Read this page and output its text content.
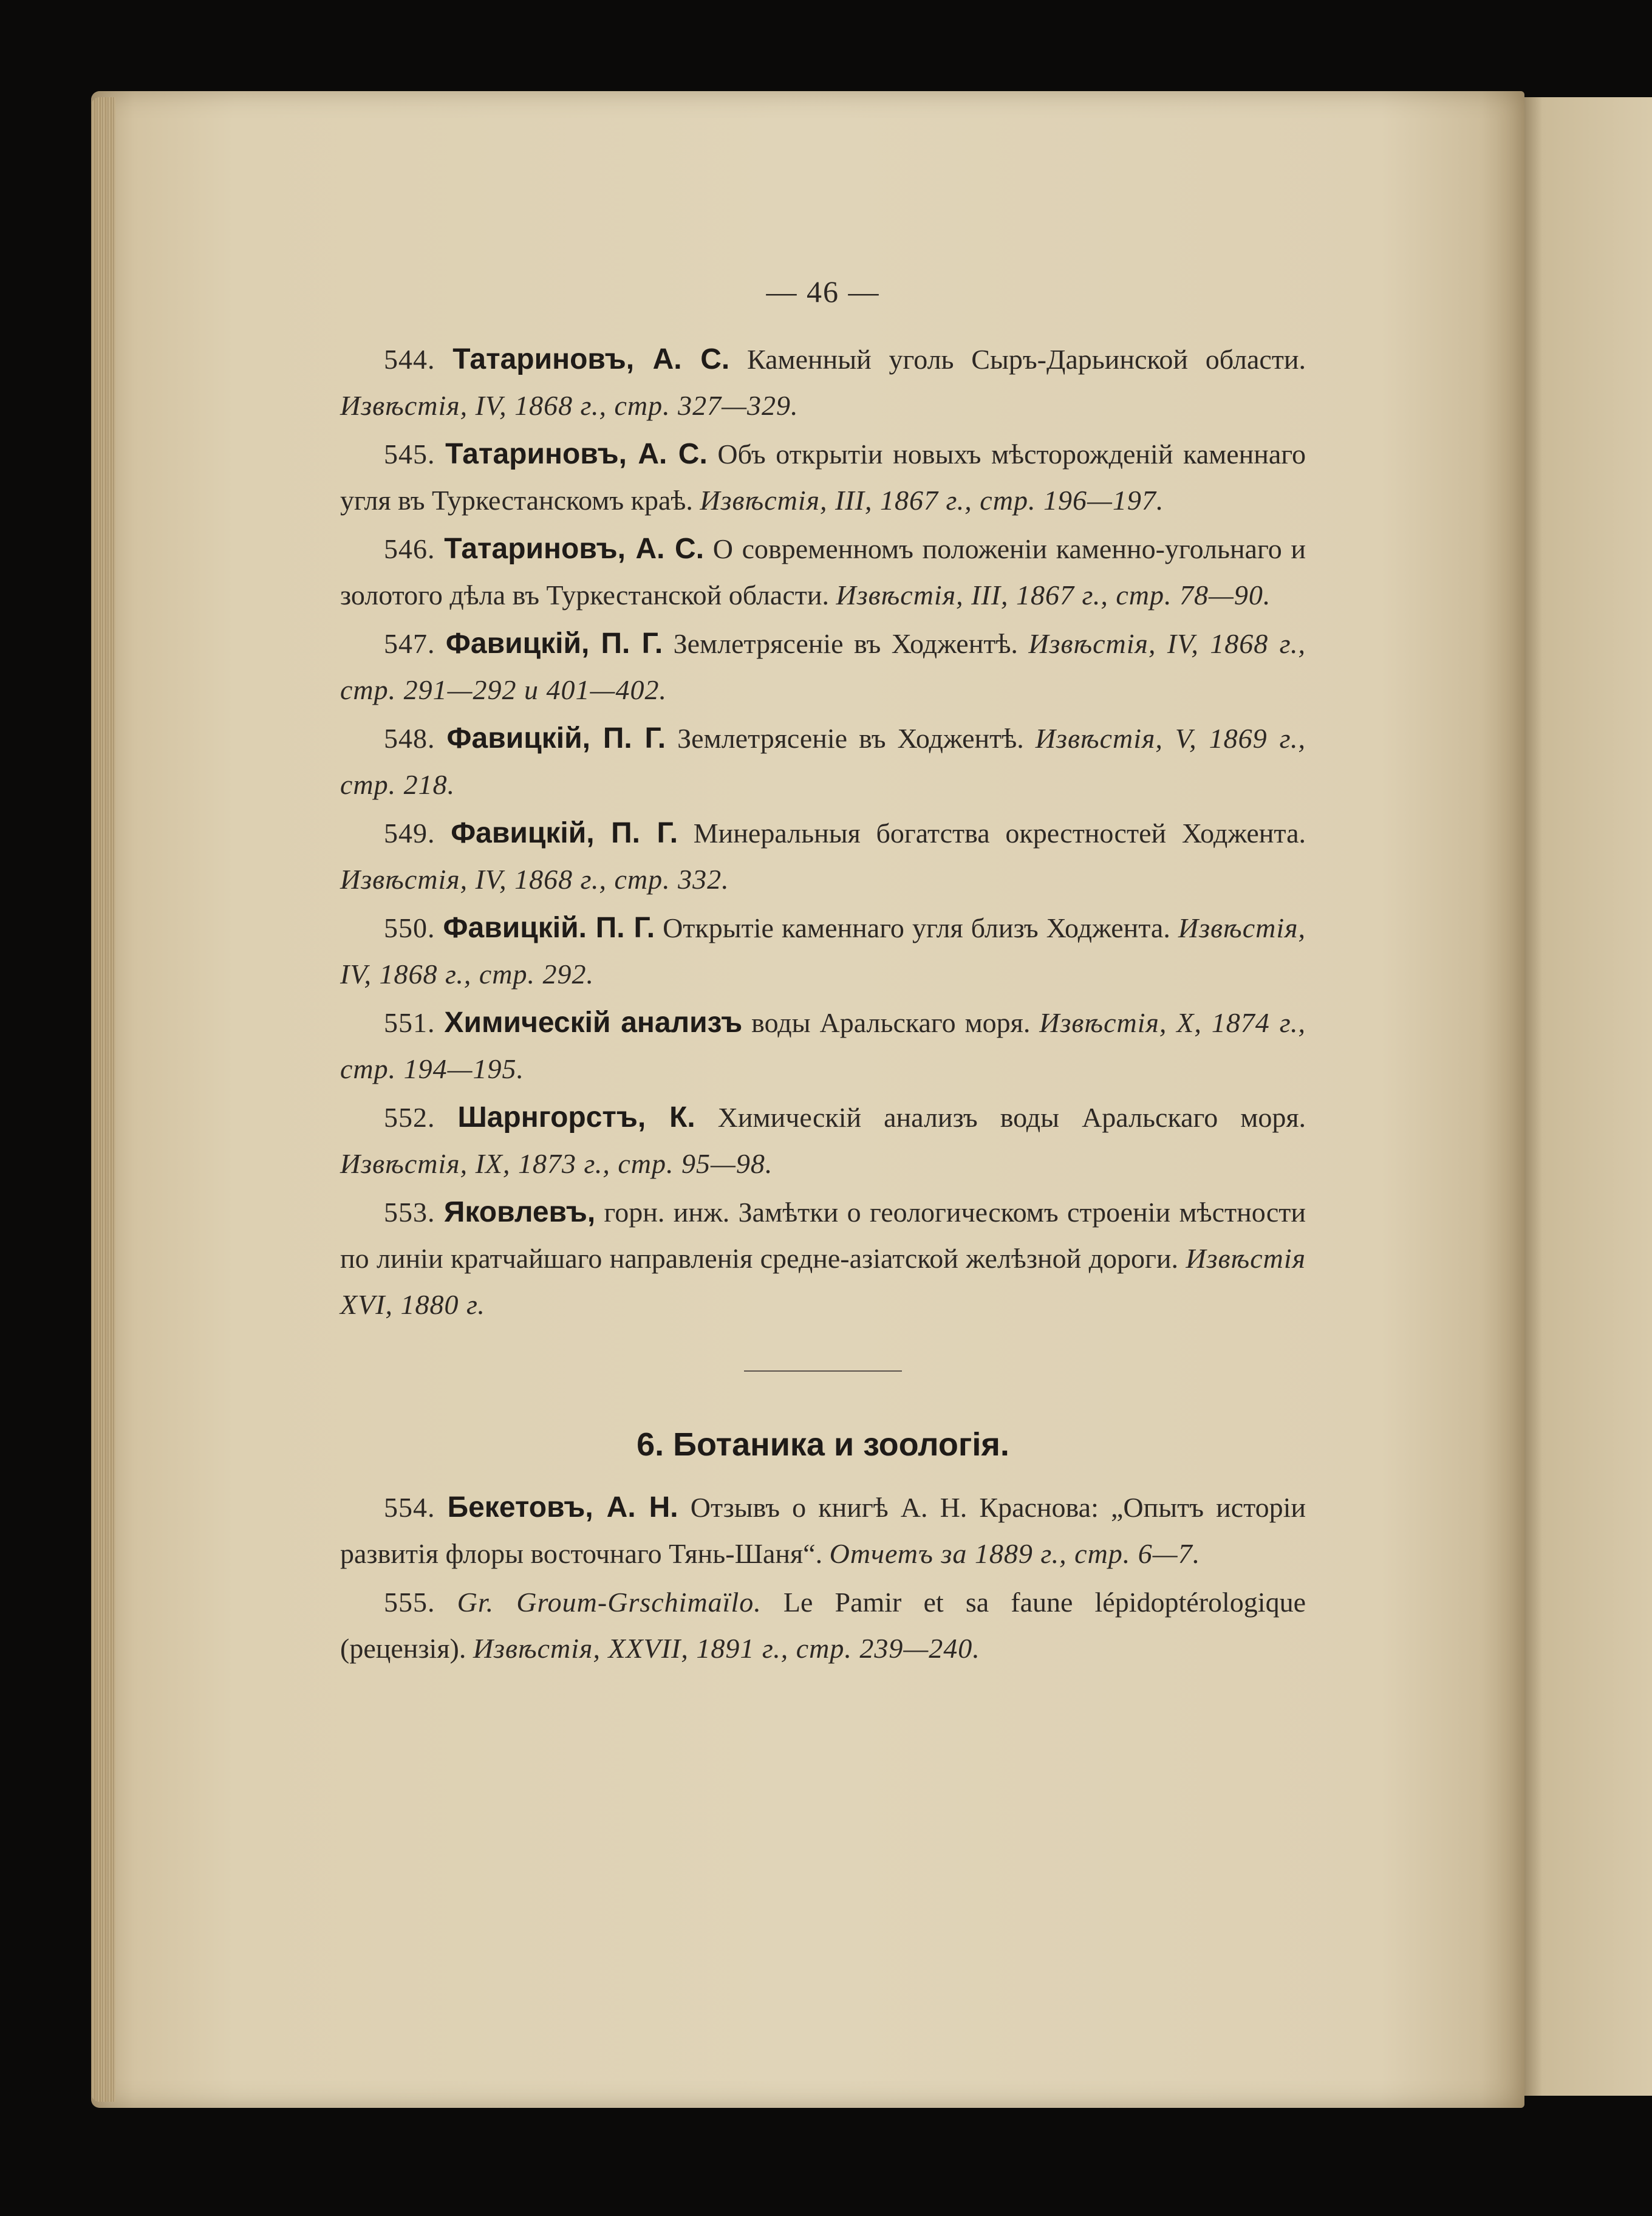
— 46 —

544. Татариновъ, А. С. Каменный уголь Сыръ-Дарьинской области. Извѣстія, IV, 1868 г., стр. 327—329.

545. Татариновъ, А. С. Объ открытіи новыхъ мѣсторожденій каменнаго угля въ Туркестанскомъ краѣ. Извѣстія, III, 1867 г., стр. 196—197.

546. Татариновъ, А. С. О современномъ положеніи каменно-угольнаго и золотого дѣла въ Туркестанской области. Извѣстія, III, 1867 г., стр. 78—90.

547. Фавицкій, П. Г. Землетрясеніе въ Ходжентѣ. Извѣстія, IV, 1868 г., стр. 291—292 и 401—402.

548. Фавицкій, П. Г. Землетрясеніе въ Ходжентѣ. Извѣстія, V, 1869 г., стр. 218.

549. Фавицкій, П. Г. Минеральныя богатства окрестностей Ходжента. Извѣстія, IV, 1868 г., стр. 332.

550. Фавицкій. П. Г. Открытіе каменнаго угля близъ Ходжента. Извѣстія, IV, 1868 г., стр. 292.

551. Химическій анализъ воды Аральскаго моря. Извѣстія, X, 1874 г., стр. 194—195.

552. Шарнгорстъ, К. Химическій анализъ воды Аральскаго моря. Извѣстія, IX, 1873 г., стр. 95—98.

553. Яковлевъ, горн. инж. Замѣтки о геологическомъ строеніи мѣстности по линіи кратчайшаго направленія средне-азіатской желѣзной дороги. Извѣстія XVI, 1880 г.

6. Ботаника и зоологія.

554. Бекетовъ, А. Н. Отзывъ о книгѣ А. Н. Краснова: „Опытъ исторіи развитія флоры восточнаго Тянь-Шаня“. Отчетъ за 1889 г., стр. 6—7.

555. Gr. Groum-Grschimaïlo. Le Pamir et sa faune lépidoptérologique (рецензія). Извѣстія, XXVII, 1891 г., стр. 239—240.
